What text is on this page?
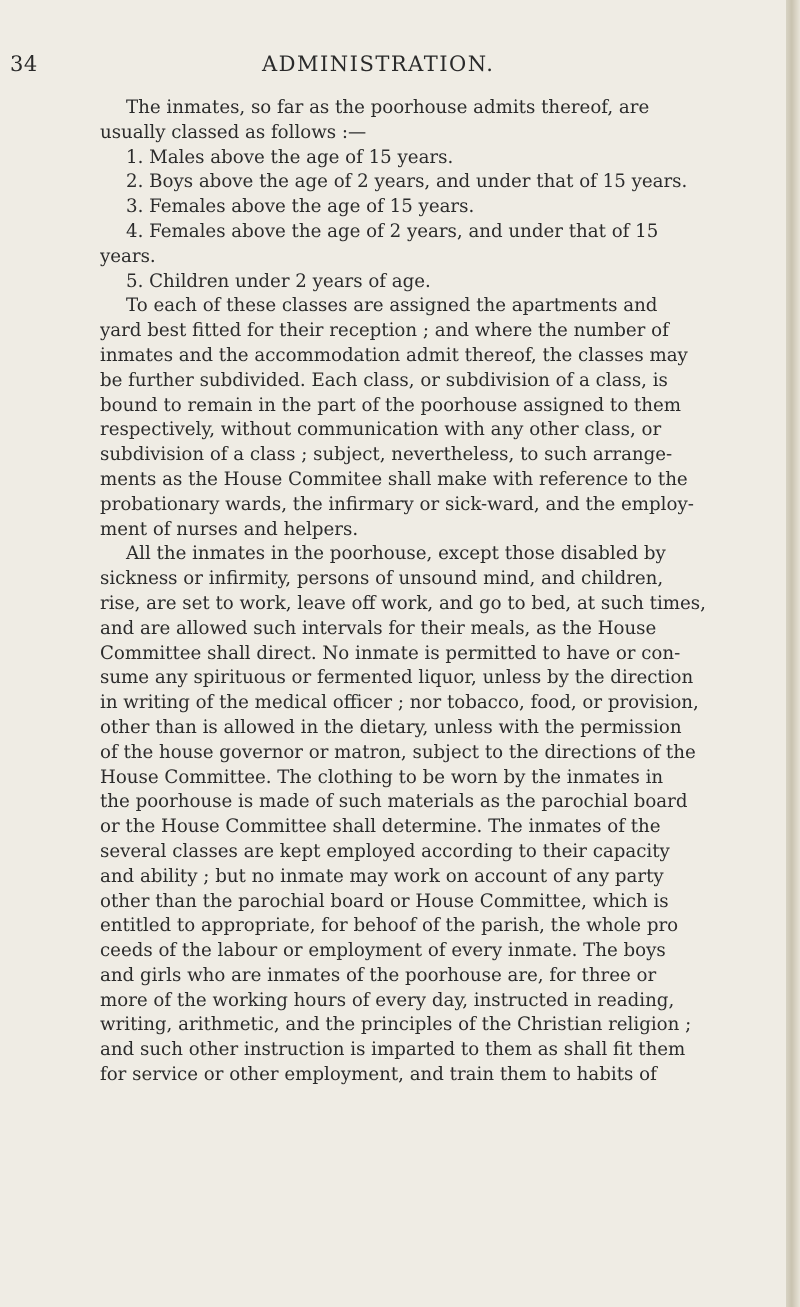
34	ADMINISTRATION.
The inmates, so far as the poorhouse admits thereof, are
usually classed as follows :—
1. Males above the age of 15 years.
2. Boys above the age of 2 years, and under that of 15 years.
3. Females above the age of 15 years.
4. Females above the age of 2 years, and under that of 15
years.
5. Children under 2 years of age.
To each of these classes are assigned the apartments and
yard best fitted for their reception ; and where the number of
inmates and the accommodation admit thereof, the classes may
be further subdivided. Each class, or subdivision of a class, is
bound to remain in the part of the poorhouse assigned to them
respectively, without communication with any other class, or
subdivision of a class ; subject, nevertheless, to such arrange-
ments as the House Commitee shall make with reference to the
probationary wards, the infirmary or sick-ward, and the employ-
ment of nurses and helpers.
All the inmates in the poorhouse, except those disabled by
sickness or infirmity, persons of unsound mind, and children,
rise, are set to work, leave off work, and go to bed, at such times,
and are allowed such intervals for their meals, as the House
Committee shall direct. No inmate is permitted to have or con-
sume any spirituous or fermented liquor, unless by the direction
in writing of the medical officer ; nor tobacco, food, or provision,
other than is allowed in the dietary, unless with the permission
of the house governor or matron, subject to the directions of the
House Committee. The clothing to be worn by the inmates in
the poorhouse is made of such materials as the parochial board
or the House Committee shall determine. The inmates of the
several classes are kept employed according to their capacity
and ability ; but no inmate may work on account of any party
other than the parochial board or House Committee, which is
entitled to appropriate, for behoof of the parish, the whole pro
ceeds of the labour or employment of every inmate. The boys
and girls who are inmates of the poorhouse are, for three or
more of the working hours of every day, instructed in reading,
writing, arithmetic, and the principles of the Christian religion ;
and such other instruction is imparted to them as shall fit them
for service or other employment, and train them to habits of
